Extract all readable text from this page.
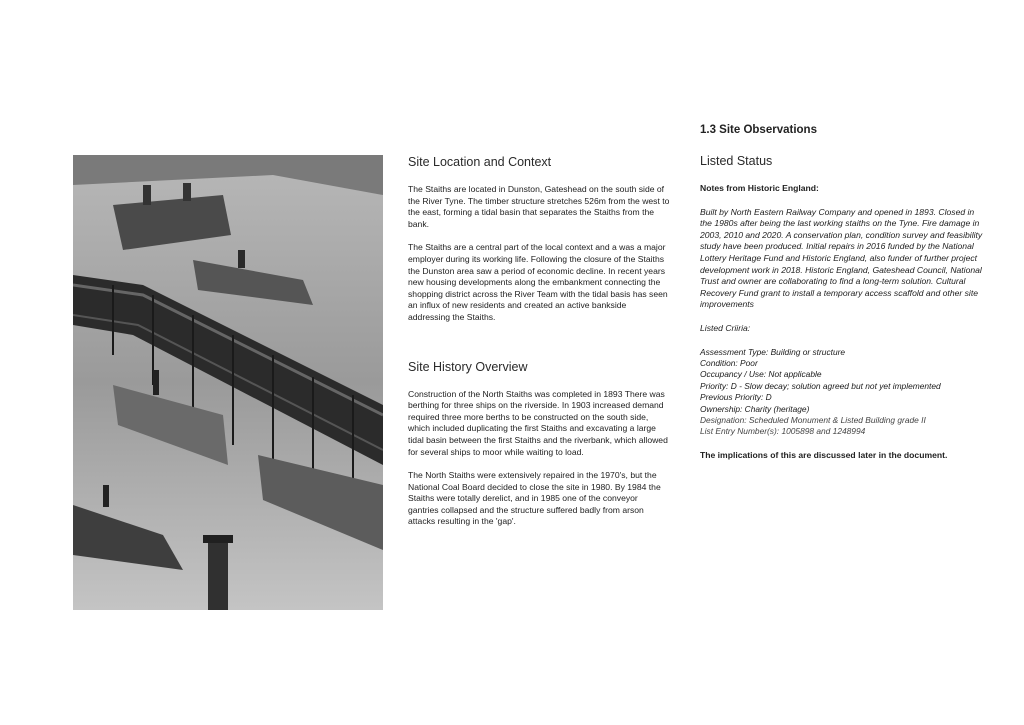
Site Location and Context

The Staiths are located in Dunston, Gateshead on the south side of the River Tyne. The timber structure stretches 526m from the west to the east, forming a tidal basin that separates the Staiths from the bank.

The Staiths are a central part of the local context and a was a major employer during its working life. Following the closure of the Staiths the Dunston area saw a period of economic decline. In recent years new housing developments along the embankment connecting the shopping district across the River Team with the tidal basis has seen an influx of new residents and created an active bankside addressing the Staiths.

Site History Overview

Construction of the North Staiths was completed in 1893 There was berthing for three ships on the riverside. In 1903 increased demand required three more berths to be constructed on the south side, which included duplicating the first Staiths and excavating a large tidal basin between the first Staiths and the riverbank, which allowed for several ships to moor while waiting to load.

The North Staiths were extensively repaired in the 1970's, but the National Coal Board decided to close the site in 1980. By 1984 the Staiths were totally derelict, and in 1985 one of the conveyor gantries collapsed and the structure suffered badly from arson attacks resulting in the 'gap'.

1.3 Site Observations
Listed Status

Notes from Historic England:

Built by North Eastern Railway Company and opened in 1893. Closed in the 1980s after being the last working staiths on the Tyne. Fire damage in 2003, 2010 and 2020. A conservation plan, condition survey and feasibility study have been produced. Initial repairs in 2016 funded by the National Lottery Heritage Fund and Historic England, also funder of further project development work in 2018. Historic England, Gateshead Council, National Trust and owner are collaborating to find a long-term solution. Cultural Recovery Fund grant to install a temporary access scaffold and other site improvements

Listed Criiria:

Assessment Type: Building or structure
Condition: Poor
Occupancy / Use: Not applicable
Priority: D - Slow decay; solution agreed but not yet implemented
Previous Priority: D
Ownership: Charity (heritage)
Designation: Scheduled Monument & Listed Building grade II
List Entry Number(s): 1005898 and 1248994

The implications of this are discussed later in the document.
